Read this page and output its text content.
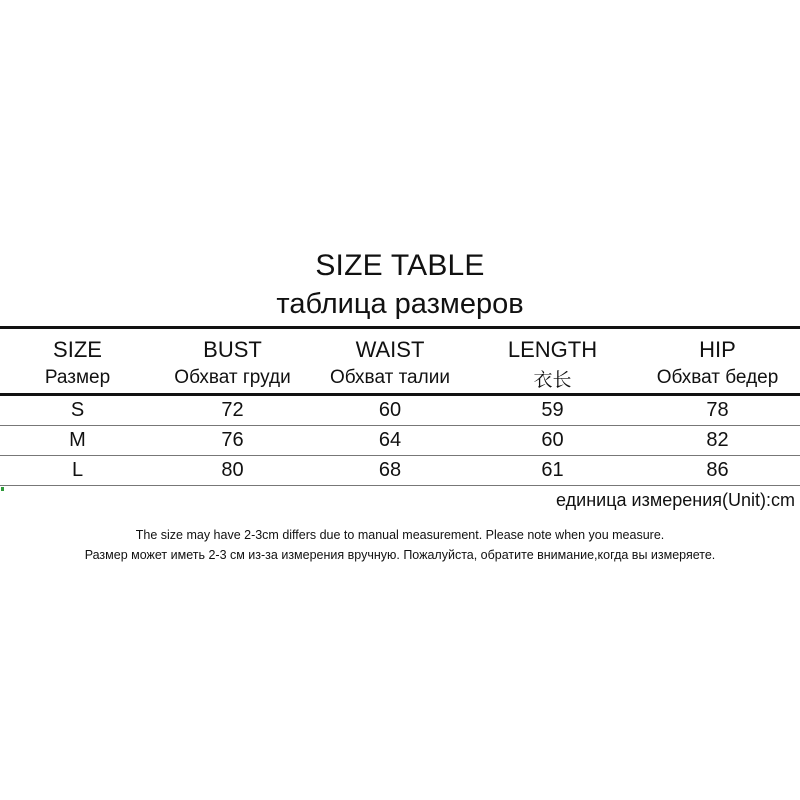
SIZE TABLE
таблица размеров
SIZE	BUST	WAIST	LENGTH	HIP
Размер	Обхват груди	Обхват талии	衣长	Обхват бедер
S	72	60	59	78
M	76	64	60	82
L	80	68	61	86
единица измерения(Unit):cm
The size may have 2-3cm differs due to manual measurement. Please note when you measure.
Размер может иметь 2-3 см из-за измерения вручную. Пожалуйста, обратите внимание,когда вы измеряете.
